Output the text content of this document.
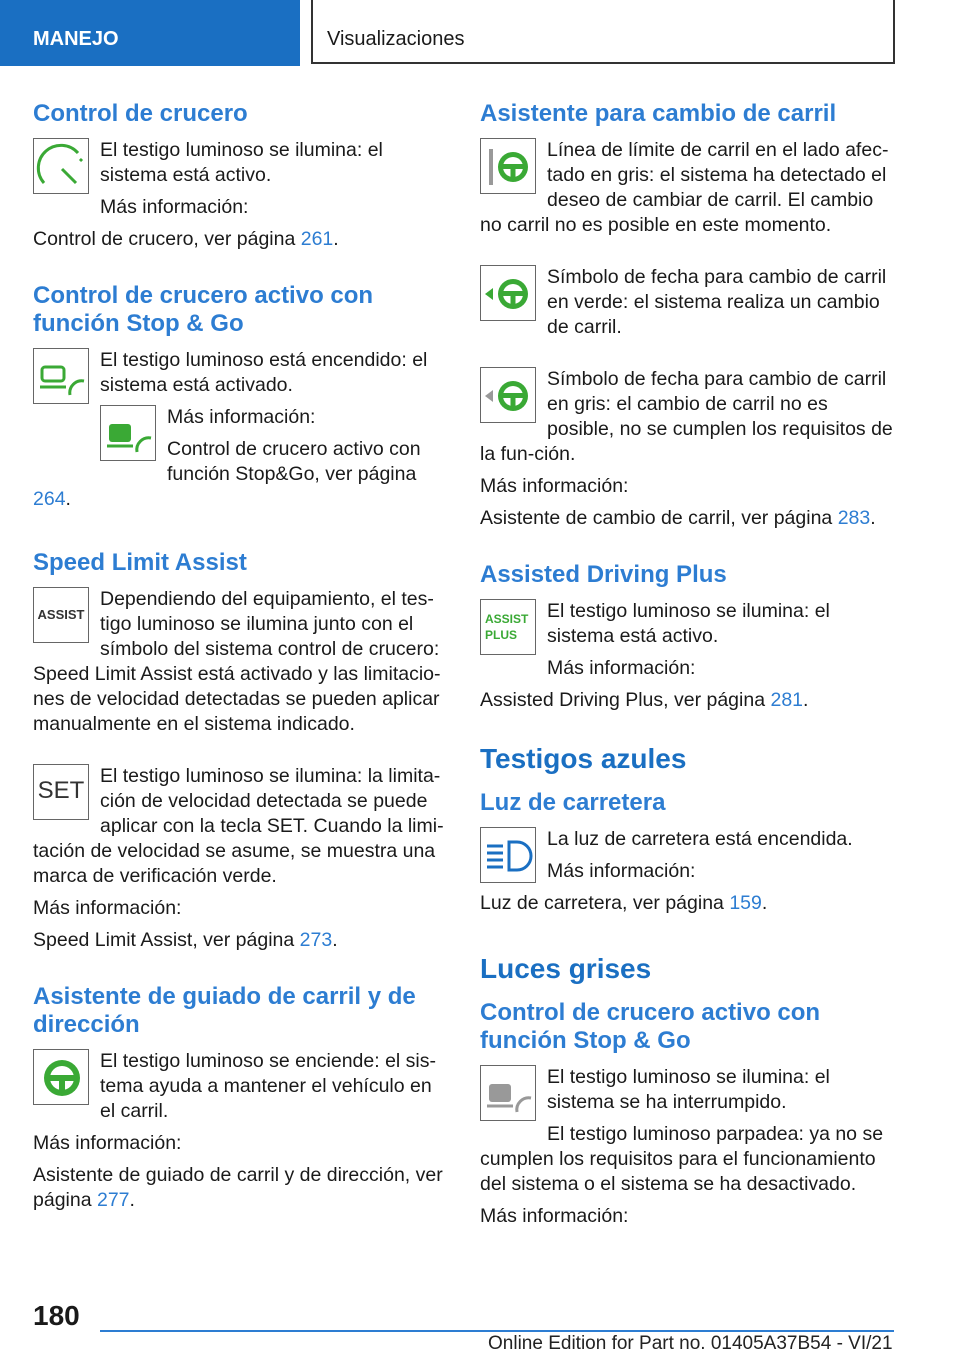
MANEJO	Visualizaciones
Control de crucero

El testigo luminoso se ilumina: el sistema está activo.

Más información:

Control de crucero, ver página 261.

Control de crucero activo con función Stop & Go

El testigo luminoso está encendido: el sistema está activado.

Más información:

Control de crucero activo con función Stop&Go, ver página 264.

Speed Limit Assist
ASSIST

Dependiendo del equipamiento, el tes-tigo luminoso se ilumina junto con el símbolo del sistema control de crucero: Speed Limit Assist está activado y las limitacio-nes de velocidad detectadas se pueden aplicar manualmente en el sistema indicado.

SET

El testigo luminoso se ilumina: la limita-ción de velocidad detectada se puede aplicar con la tecla SET. Cuando la limi-tación de velocidad se asume, se muestra una marca de verificación verde.

Más información:

Speed Limit Assist, ver página 273.

Asistente de guiado de carril y de dirección

El testigo luminoso se enciende: el sis-tema ayuda a mantener el vehículo en el carril.

Más información:

Asistente de guiado de carril y de dirección, ver página 277.

Asistente para cambio de carril

Línea de límite de carril en el lado afec-tado en gris: el sistema ha detectado el deseo de cambiar de carril. El cambio no carril no es posible en este momento.

Símbolo de fecha para cambio de carril en verde: el sistema realiza un cambio de carril.

Símbolo de fecha para cambio de carril en gris: el cambio de carril no es posible, no se cumplen los requisitos de la fun-ción.

Más información:

Asistente de cambio de carril, ver página 283.

Assisted Driving Plus
ASSIST
PLUS

El testigo luminoso se ilumina: el sistema está activo.

Más información:

Assisted Driving Plus, ver página 281.

Testigos azules
Luz de carretera

La luz de carretera está encendida.

Más información:

Luz de carretera, ver página 159.

Luces grises
Control de crucero activo con función Stop & Go

El testigo luminoso se ilumina: el sistema se ha interrumpido.

El testigo luminoso parpadea: ya no se cumplen los requisitos para el funcionamiento del sistema o el sistema se ha desactivado.

Más información:

180
Online Edition for Part no. 01405A37B54 - VI/21
